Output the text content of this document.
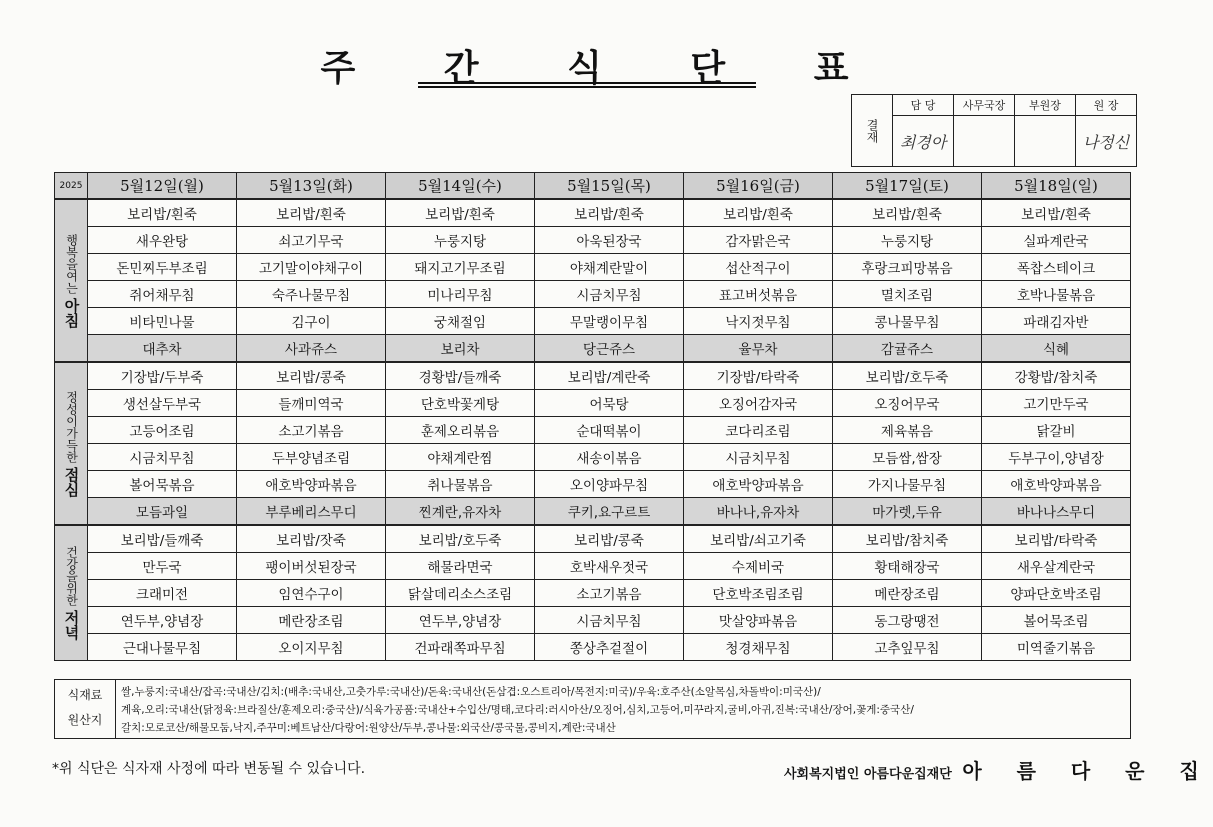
주 간 식 단 표
결재	담 당	사무국장	부원장	원 장
	최경아			나정신
2025	5월12일(월)	5월13일(화)	5월14일(수)	5월15일(목)	5월16일(금)	5월17일(토)	5월18일(일)
행복을여는아침	보리밥/흰죽	보리밥/흰죽	보리밥/흰죽	보리밥/흰죽	보리밥/흰죽	보리밥/흰죽	보리밥/흰죽
	새우완탕	쇠고기무국	누룽지탕	아욱된장국	감자맑은국	누룽지탕	실파계란국
	돈민찌두부조림	고기말이야채구이	돼지고기무조림	야채계란말이	섭산적구이	후랑크피망볶음	폭찹스테이크
	쥐어채무침	숙주나물무침	미나리무침	시금치무침	표고버섯볶음	멸치조림	호박나물볶음
	비타민나물	김구이	궁채절임	무말랭이무침	낙지젓무침	콩나물무침	파래김자반
	대추차	사과쥬스	보리차	당근쥬스	율무차	감귤쥬스	식혜
정성이가득한점심	기장밥/두부죽	보리밥/콩죽	경황밥/들깨죽	보리밥/계란죽	기장밥/타락죽	보리밥/호두죽	강황밥/참치죽
	생선살두부국	들깨미역국	단호박꽃게탕	어묵탕	오징어감자국	오징어무국	고기만두국
	고등어조림	소고기볶음	훈제오리볶음	순대떡볶이	코다리조림	제육볶음	닭갈비
	시금치무침	두부양념조림	야채계란찜	새송이볶음	시금치무침	모듬쌈,쌈장	두부구이,양념장
	볼어묵볶음	애호박양파볶음	취나물볶음	오이양파무침	애호박양파볶음	가지나물무침	애호박양파볶음
	모듬과일	부루베리스무디	찐계란,유자차	쿠키,요구르트	바나나,유자차	마가렛,두유	바나나스무디
건강을위한저녁	보리밥/들깨죽	보리밥/잣죽	보리밥/호두죽	보리밥/콩죽	보리밥/쇠고기죽	보리밥/참치죽	보리밥/타락죽
	만두국	팽이버섯된장국	해물라면국	호박새우젓국	수제비국	황태해장국	새우살계란국
	크래미전	임연수구이	닭살데리소스조림	소고기볶음	단호박조림조림	메란장조림	양파단호박조림
	연두부,양념장	메란장조림	연두부,양념장	시금치무침	맛살양파볶음	동그랑땡전	볼어묵조림
	근대나물무침	오이지무침	건파래쪽파무침	쫑상추겉절이	청경채무침	고추잎무침	미역줄기볶음
식재료
원산지
쌀,누룽지:국내산/잡곡:국내산/김치:(배추:국내산,고춧가루:국내산)/돈육:국내산(돈삼겹:오스트리아/목전지:미국)/우육:호주산(소알목심,차돌박이:미국산)/
계육,오리:국내산(닭정육:브라질산/훈제오리:중국산)/식육가공품:국내산+수입산/명태,코다리:러시아산/오징어,심치,고등어,미꾸라지,굴비,아귀,진복:국내산/장어,꽃게:중국산/
갈치:모로코산/해물모둠,낙지,주꾸미:베트남산/다랑어:원양산/두부,콩나물:외국산/콩국물,콩비지,계란:국내산
*위 식단은 식자재 사정에 따라 변동될 수 있습니다.	사회복지법인 아름다운집재단 아 름 다 운 집
